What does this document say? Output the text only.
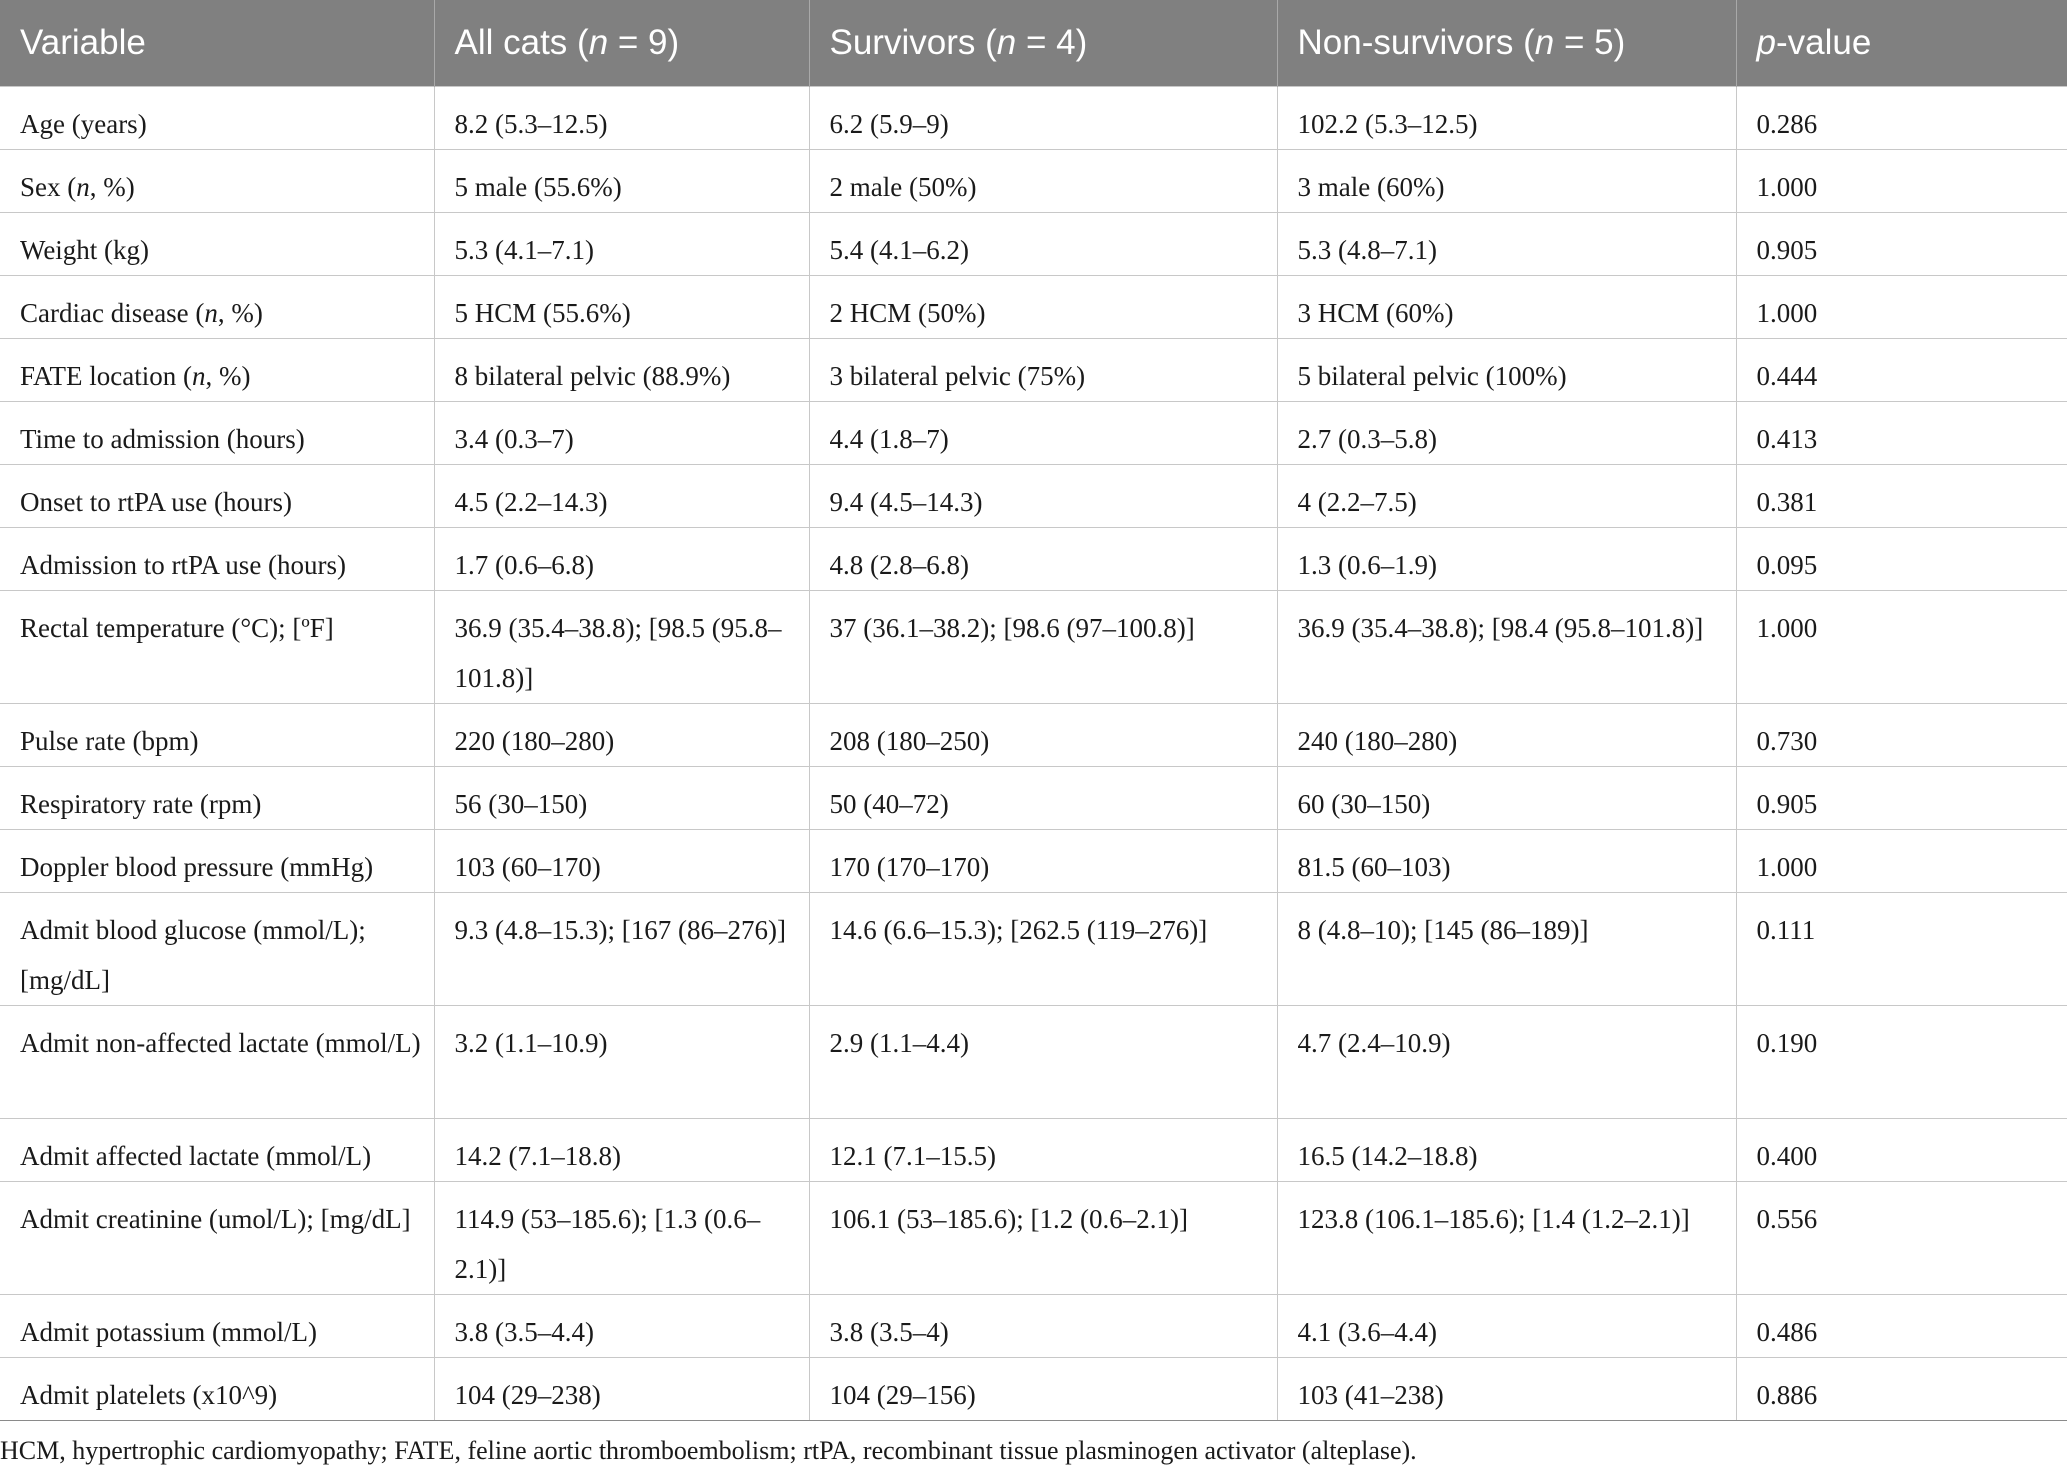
Variable	All cats (n = 9)	Survivors (n = 4)	Non-survivors (n = 5)	p-value
Age (years)	8.2 (5.3–12.5)	6.2 (5.9–9)	102.2 (5.3–12.5)	0.286
Sex (n, %)	5 male (55.6%)	2 male (50%)	3 male (60%)	1.000
Weight (kg)	5.3 (4.1–7.1)	5.4 (4.1–6.2)	5.3 (4.8–7.1)	0.905
Cardiac disease (n, %)	5 HCM (55.6%)	2 HCM (50%)	3 HCM (60%)	1.000
FATE location (n, %)	8 bilateral pelvic (88.9%)	3 bilateral pelvic (75%)	5 bilateral pelvic (100%)	0.444
Time to admission (hours)	3.4 (0.3–7)	4.4 (1.8–7)	2.7 (0.3–5.8)	0.413
Onset to rtPA use (hours)	4.5 (2.2–14.3)	9.4 (4.5–14.3)	4 (2.2–7.5)	0.381
Admission to rtPA use (hours)	1.7 (0.6–6.8)	4.8 (2.8–6.8)	1.3 (0.6–1.9)	0.095
Rectal temperature (°C); [ºF]	36.9 (35.4–38.8); [98.5 (95.8–101.8)]	37 (36.1–38.2); [98.6 (97–100.8)]	36.9 (35.4–38.8); [98.4 (95.8–101.8)]	1.000
Pulse rate (bpm)	220 (180–280)	208 (180–250)	240 (180–280)	0.730
Respiratory rate (rpm)	56 (30–150)	50 (40–72)	60 (30–150)	0.905
Doppler blood pressure (mmHg)	103 (60–170)	170 (170–170)	81.5 (60–103)	1.000
Admit blood glucose (mmol/L); [mg/dL]	9.3 (4.8–15.3); [167 (86–276)]	14.6 (6.6–15.3); [262.5 (119–276)]	8 (4.8–10); [145 (86–189)]	0.111
Admit non-affected lactate (mmol/L)	3.2 (1.1–10.9)	2.9 (1.1–4.4)	4.7 (2.4–10.9)	0.190
Admit affected lactate (mmol/L)	14.2 (7.1–18.8)	12.1 (7.1–15.5)	16.5 (14.2–18.8)	0.400
Admit creatinine (umol/L); [mg/dL]	114.9 (53–185.6); [1.3 (0.6–2.1)]	106.1 (53–185.6); [1.2 (0.6–2.1)]	123.8 (106.1–185.6); [1.4 (1.2–2.1)]	0.556
Admit potassium (mmol/L)	3.8 (3.5–4.4)	3.8 (3.5–4)	4.1 (3.6–4.4)	0.486
Admit platelets (x10^9)	104 (29–238)	104 (29–156)	103 (41–238)	0.886

HCM, hypertrophic cardiomyopathy; FATE, feline aortic thromboembolism; rtPA, recombinant tissue plasminogen activator (alteplase).
